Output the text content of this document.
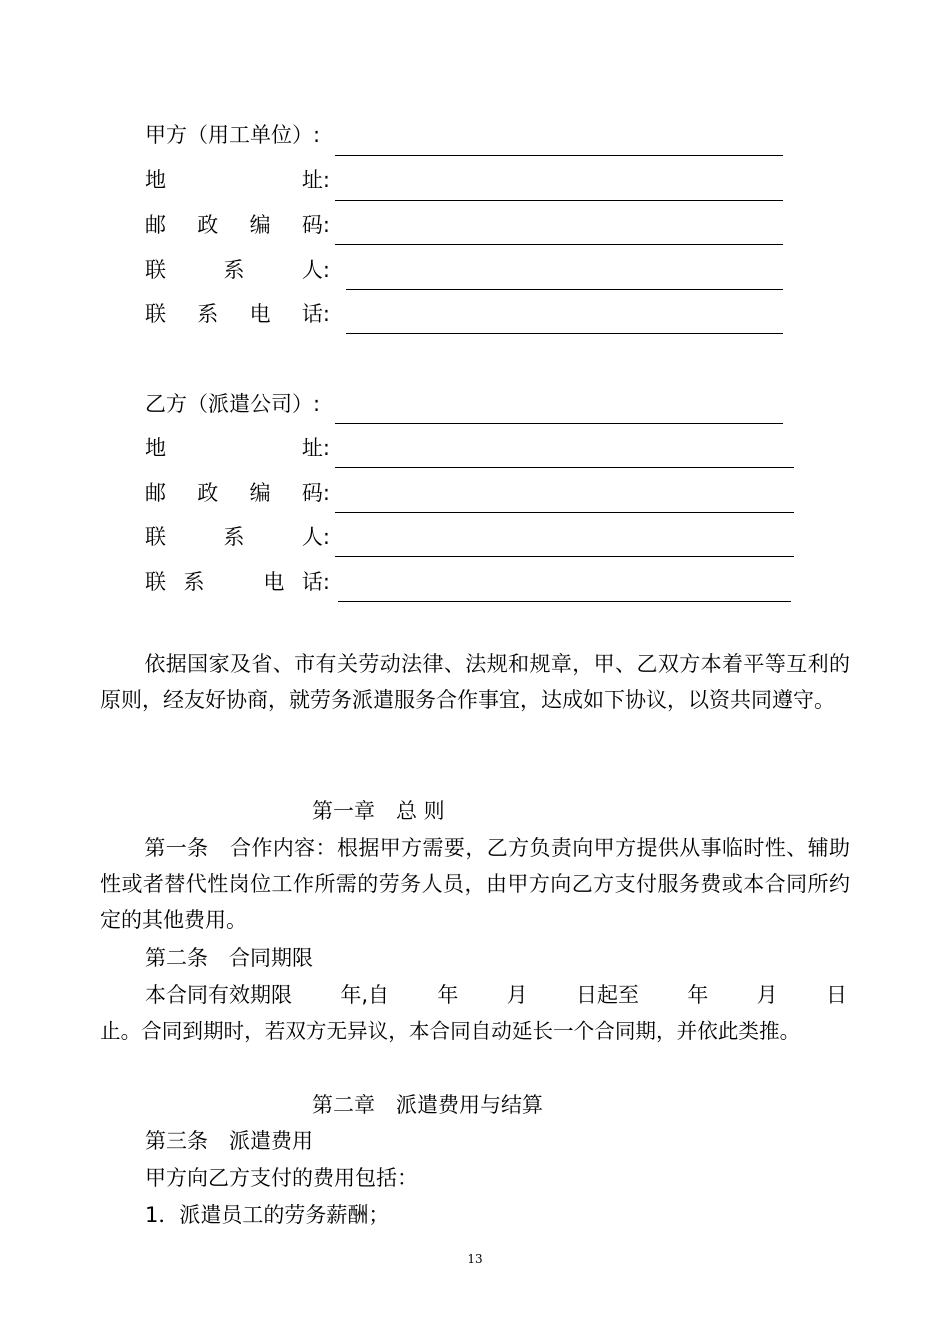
甲方（用工单位）:
地	址:
邮 政 编 码:
联	系	人:
联 系 电 话:
乙方（派遣公司）:
地	址:
邮 政 编 码:
联	系	人:
联 系	电 话:
依据国家及省、市有关劳动法律、法规和规章，甲、乙双方本着平等互利的原则，经友好协商，就劳务派遣服务合作事宜，达成如下协议，以资共同遵守。
第一章　总 则
第一条　合作内容：根据甲方需要，乙方负责向甲方提供从事临时性、辅助性或者替代性岗位工作所需的劳务人员，由甲方向乙方支付服务费或本合同所约定的其他费用。
第二条　合同期限
本合同有效期限 年,自 年 月 日起至 年 月 日
止。合同到期时，若双方无异议，本合同自动延长一个合同期，并依此类推。
第二章　派遣费用与结算
第三条　派遣费用
甲方向乙方支付的费用包括：
1．派遣员工的劳务薪酬；
13
